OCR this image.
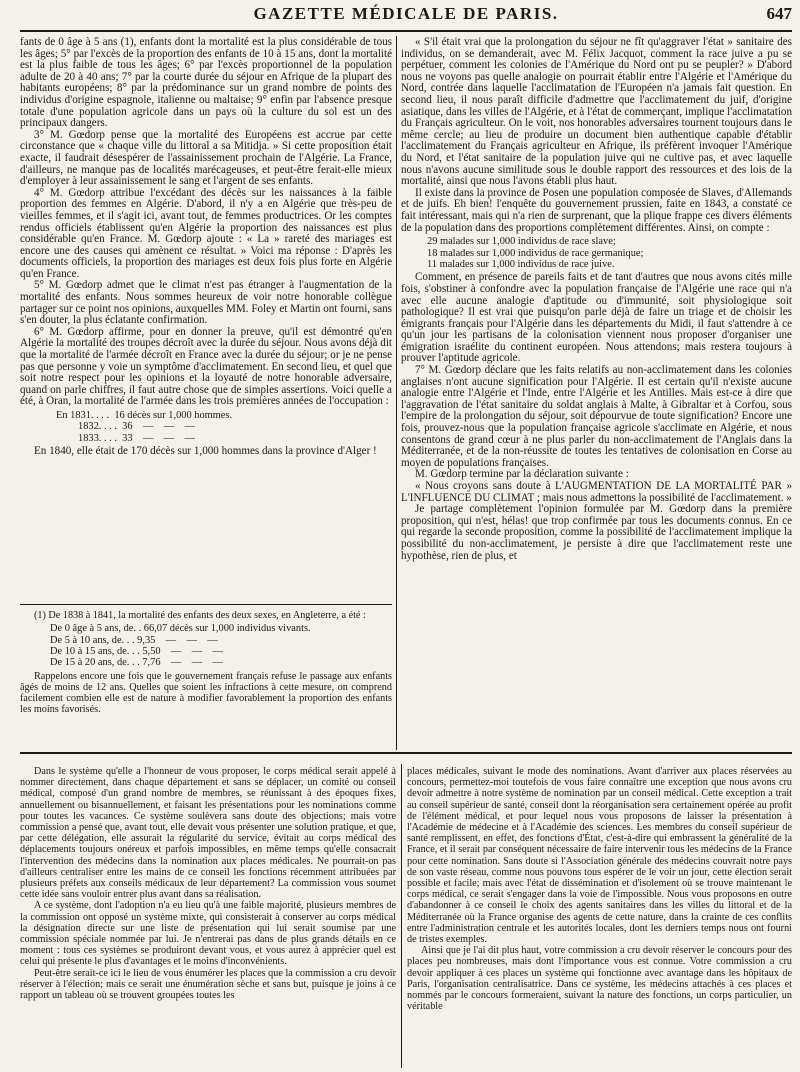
GAZETTE MÉDICALE DE PARIS.	647

fants de 0 âge à 5 ans (1), enfants dont la mortalité est la plus considérable de tous les âges; 5° par l'excès de la proportion des enfants de 10 à 15 ans, dont la mortalité est la plus faible de tous les âges; 6° par l'excès proportionnel de la population adulte de 20 à 40 ans; 7° par la courte durée du séjour en Afrique de la plupart des habitants européens; 8° par la prédominance sur un grand nombre de points des individus d'origine espagnole, italienne ou maltaise; 9° enfin par l'absence presque totale d'une population agricole dans un pays où la culture du sol est un des principaux dangers.

3° M. Gœdorp pense que la mortalité des Européens est accrue par cette circonstance que « chaque ville du littoral a sa Mitidja. » Si cette proposition était exacte, il faudrait désespérer de l'assainissement prochain de l'Algérie. La France, d'ailleurs, ne manque pas de localités marécageuses, et peut-être ferait-elle mieux d'employer à leur assainissement le sang et l'argent de ses enfants.

4° M. Gœdorp attribue l'excédant des décès sur les naissances à la faible proportion des femmes en Algérie. D'abord, il n'y a en Algérie que très-peu de vieilles femmes, et il s'agit ici, avant tout, de femmes productrices. Or les comptes rendus officiels établissent qu'en Algérie la proportion des naissances est plus considérable qu'en France. M. Gœdorp ajoute : « La » rareté des mariages est encore une des causes qui amènent ce résultat. » Voici ma réponse : D'après les documents officiels, la proportion des mariages est deux fois plus forte en Algérie qu'en France.

5° M. Gœdorp admet que le climat n'est pas étranger à l'augmentation de la mortalité des enfants. Nous sommes heureux de voir notre honorable collègue partager sur ce point nos opinions, auxquelles MM. Foley et Martin ont fourni, sans s'en douter, la plus éclatante confirmation.

6° M. Gœdorp affirme, pour en donner la preuve, qu'il est démontré qu'en Algérie la mortalité des troupes décroît avec la durée du séjour. Nous avons déjà dit que la mortalité de l'armée décroît en France avec la durée du séjour; or je ne pense pas que personne y voie un symptôme d'acclimatement. En second lieu, et quel que soit notre respect pour les opinions et la loyauté de notre honorable adversaire, quand on parle chiffres, il faut autre chose que de simples assertions. Voici quelle a été, à Oran, la mortalité de l'armée dans les trois premières années de l'occupation :

En 1831. . . . 16 décès sur 1,000 hommes.
1832. . . . 36    —    —    —
1833. . . . 33    —    —    —

En 1840, elle était de 170 décès sur 1,000 hommes dans la province d'Alger !

(1) De 1838 à 1841, la mortalité des enfants des deux sexes, en Angleterre, a été :

De 0 âge à 5 ans, de. . 66,07 décès sur 1,000 individus vivants.
De 5 à 10 ans, de. . . 9,35    —    —    —
De 10 à 15 ans, de. . . 5,50    —    —    —
De 15 à 20 ans, de. . . 7,76    —    —    —

Rappelons encore une fois que le gouvernement français refuse le passage aux enfants âgés de moins de 12 ans. Quelles que soient les infractions à cette mesure, on comprend facilement combien elle est de nature à modifier favorablement la proportion des enfants les moins favorisés.

« S'il était vrai que la prolongation du séjour ne fît qu'aggraver l'état » sanitaire des individus, on se demanderait, avec M. Félix Jacquot, comment la race juive a pu se perpétuer, comment les colonies de l'Amérique du Nord ont pu se peupler? » D'abord nous ne voyons pas quelle analogie on pourrait établir entre l'Algérie et l'Amérique du Nord, contrée dans laquelle l'acclimatation de l'Européen n'a jamais fait question. En second lieu, il nous paraît difficile d'admettre que l'acclimatement du juif, d'origine asiatique, dans les villes de l'Algérie, et à l'état de commerçant, implique l'acclimatation du Français agriculteur. On le voit, nos honorables adversaires tournent toujours dans le même cercle; au lieu de produire un document bien authentique capable d'établir l'acclimatement du Français agriculteur en Afrique, ils préfèrent invoquer l'Amérique du Nord, et l'état sanitaire de la population juive qui ne cultive pas, et avec laquelle nous n'avons aucune similitude sous le double rapport des ressources et des lois de la mortalité, ainsi que nous l'avons établi plus haut.

Il existe dans la province de Posen une population composée de Slaves, d'Allemands et de juifs. Eh bien! l'enquête du gouvernement prussien, faite en 1843, a constaté ce fait intéressant, mais qui n'a rien de surprenant, que la plique frappe ces divers éléments de la population dans des proportions complètement différentes. Ainsi, on compte :

29 malades sur 1,000 individus de race slave;
18 malades sur 1,000 individus de race germanique;
11 malades sur 1,000 individus de race juive.

Comment, en présence de pareils faits et de tant d'autres que nous avons cités mille fois, s'obstiner à confondre avec la population française de l'Algérie une race qui n'a avec elle aucune analogie d'aptitude ou d'immunité, soit physiologique soit pathologique? Il est vrai que puisqu'on parle déjà de faire un triage et de choisir les émigrants français pour l'Algérie dans les départements du Midi, il faut s'attendre à ce qu'un jour les partisans de la colonisation viennent nous proposer d'organiser une émigration israélite du continent européen. Nous attendons; mais restera toujours à prouver l'aptitude agricole.

7° M. Gœdorp déclare que les faits relatifs au non-acclimatement dans les colonies anglaises n'ont aucune signification pour l'Algérie. Il est certain qu'il n'existe aucune analogie entre l'Algérie et l'Inde, entre l'Algérie et les Antilles. Mais est-ce à dire que l'aggravation de l'état sanitaire du soldat anglais à Malte, à Gibraltar et à Corfou, sous l'empire de la prolongation du séjour, soit dépourvue de toute signification? Encore une fois, prouvez-nous que la population française agricole s'acclimate en Algérie, et nous consentons de grand cœur à ne plus parler du non-acclimatement de l'Anglais dans la Méditerranée, et de la non-réussite de toutes les tentatives de colonisation en Corse au moyen de populations françaises.

M. Gœdorp termine par la déclaration suivante :

« Nous croyons sans doute à L'AUGMENTATION DE LA MORTALITÉ PAR » L'INFLUENCE DU CLIMAT ; mais nous admettons la possibilité de l'acclimatement. »

Je partage complètement l'opinion formulée par M. Gœdorp dans la première proposition, qui n'est, hélas! que trop confirmée par tous les documents connus. En ce qui regarde la seconde proposition, comme la possibilité de l'acclimatement implique la possibilité du non-acclimatement, je persiste à dire que l'acclimatement reste une hypothèse, rien de plus, et

Dans le système qu'elle a l'honneur de vous proposer, le corps médical serait appelé à nommer directement, dans chaque département et sans se déplacer, un comité ou conseil médical, composé d'un grand nombre de membres, se réunissant à des époques fixes, annuellement ou bisannuellement, et faisant les présentations pour les nominations comme pour toutes les vacances. Ce système soulèvera sans doute des objections; mais votre commission a pensé que, avant tout, elle devait vous présenter une solution pratique, et que, par cette délégation, elle assurait la régularité du service, évitait au corps médical des déplacements toujours onéreux et parfois impossibles, en même temps qu'elle consacrait l'intervention des médecins dans la nomination aux places médicales. Ne pourrait-on pas d'ailleurs centraliser entre les mains de ce conseil les fonctions récemment attribuées par plusieurs préfets aux conseils médicaux de leur département? La commission vous soumet cette idée sans vouloir entrer plus avant dans sa réalisation.

A ce système, dont l'adoption n'a eu lieu qu'à une faible majorité, plusieurs membres de la commission ont opposé un système mixte, qui consisterait à conserver au corps médical la désignation directe sur une liste de présentation qui lui serait soumise par une commission spéciale nommée par lui. Je n'entrerai pas dans de plus grands détails en ce moment : tous ces systèmes se produiront devant vous, et vous aurez à apprécier quel est celui qui présente le plus d'avantages et le moins d'inconvénients.

Peut-être serait-ce ici le lieu de vous énumérer les places que la commission a cru devoir réserver à l'élection; mais ce serait une énumération sèche et sans but, puisque je joins à ce rapport un tableau où se trouvent groupées toutes les

places médicales, suivant le mode des nominations. Avant d'arriver aux places réservées au concours, permettez-moi toutefois de vous faire connaître une exception que nous avons cru devoir admettre à notre système de nomination par un conseil médical. Cette exception a trait au conseil supérieur de santé, conseil dont la réorganisation sera certainement opérée au profit de l'élément médical, et pour lequel nous vous proposons de laisser la présentation à l'Académie de médecine et à l'Académie des sciences. Les membres du conseil supérieur de santé remplissent, en effet, des fonctions d'État, c'est-à-dire qui embrassent la généralité de la France, et il serait par conséquent nécessaire de faire intervenir tous les médecins de la France pour cette nomination. Sans doute si l'Association générale des médecins couvrait notre pays de son vaste réseau, comme nous pouvons tous espérer de le voir un jour, cette élection serait possible et facile; mais avec l'état de dissémination et d'isolement où se trouve maintenant le corps médical, ce serait s'engager dans la voie de l'impossible. Nous vous proposons en outre d'abandonner à ce conseil le choix des agents sanitaires dans les villes du littoral et de la Méditerranée où la France organise des agents de cette nature, dans la crainte de ces conflits entre l'administration centrale et les autorités locales, dont les derniers temps nous ont fourni de tristes exemples.

Ainsi que je l'ai dit plus haut, votre commission a cru devoir réserver le concours pour des places peu nombreuses, mais dont l'importance vous est connue. Votre commission a cru devoir appliquer à ces places un système qui fonctionne avec avantage dans les hôpitaux de Paris, l'organisation centralisatrice. Dans ce système, les médecins attachés à ces places et nommés par le concours formeraient, suivant la nature des fonctions, un corps particulier, un véritable
